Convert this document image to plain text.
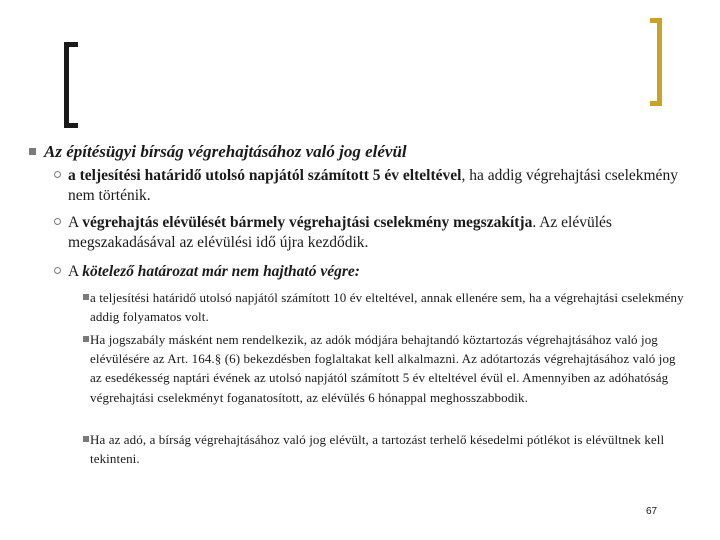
Az építésügyi bírság végrehajtásához való jog elévül
a teljesítési határidő utolsó napjától számított 5 év elteltével, ha addig végrehajtási cselekmény nem történik.
A végrehajtás elévülését bármely végrehajtási cselekmény megszakítja. Az elévülés megszakadásával az elévülési idő újra kezdődik.
A kötelező határozat már nem hajtható végre:
a teljesítési határidő utolsó napjától számított 10 év elteltével, annak ellenére sem, ha a végrehajtási cselekmény addig folyamatos volt.
Ha jogszabály másként nem rendelkezik, az adók módjára behajtandó köztartozás végrehajtásához való jog elévülésére az Art. 164.§ (6) bekezdésben foglaltakat kell alkalmazni. Az adótartozás végrehajtásához való jog az esedékesség naptári évének az utolsó napjától számított 5 év elteltével évül el. Amennyiben az adóhatóság végrehajtási cselekményt foganatosított, az elévülés 6 hónappal meghosszabbodik.
Ha az adó, a bírság végrehajtásához való jog elévült, a tartozást terhelő késedelmi pótlékot is elévültnek kell tekinteni.
67
